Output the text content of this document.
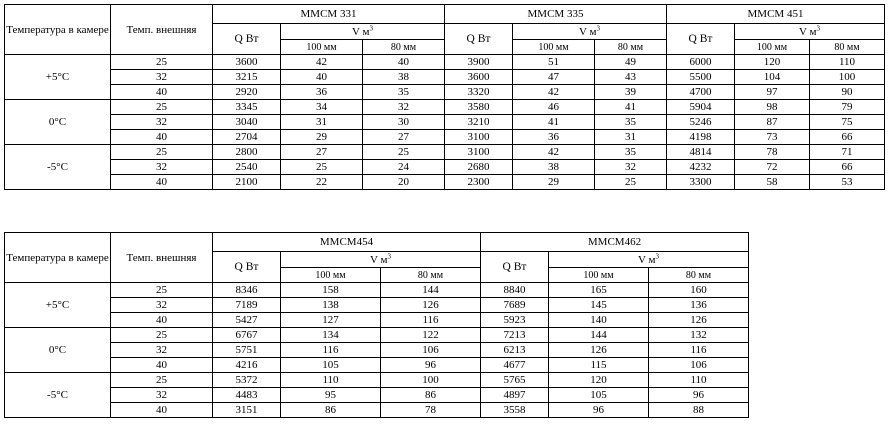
Температура в камере	Темп. внешняя	ММСМ 331			ММСМ 335			ММСМ 451		
		Q Вт	V $м^3$		Q Вт	V $м^3$		Q Вт	V $м^3$
			100 мм	80 мм		100 мм	80 мм		100 мм	80 мм
+5°C	25	3600	42	40	3900	51	49	6000	120	110
	32	3215	40	38	3600	47	43	5500	104	100
	40	2920	36	35	3320	42	39	4700	97	90
0°C	25	3345	34	32	3580	46	41	5904	98	79
	32	3040	31	30	3210	41	35	5246	87	75
	40	2704	29	27	3100	36	31	4198	73	66
-5°C	25	2800	27	25	3100	42	35	4814	78	71
	32	2540	25	24	2680	38	32	4232	72	66
	40	2100	22	20	2300	29	25	3300	58	53
Температура в камере	Темп. внешняя	ММСМ454			ММСМ462		
		Q Вт	V $м^3$		Q Вт	V $м^3$
			100 мм	80 мм		100 мм	80 мм
+5°C	25	8346	158	144	8840	165	160
	32	7189	138	126	7689	145	136
	40	5427	127	116	5923	140	126
0°C	25	6767	134	122	7213	144	132
	32	5751	116	106	6213	126	116
	40	4216	105	96	4677	115	106
-5°C	25	5372	110	100	5765	120	110
	32	4483	95	86	4897	105	96
	40	3151	86	78	3558	96	88
